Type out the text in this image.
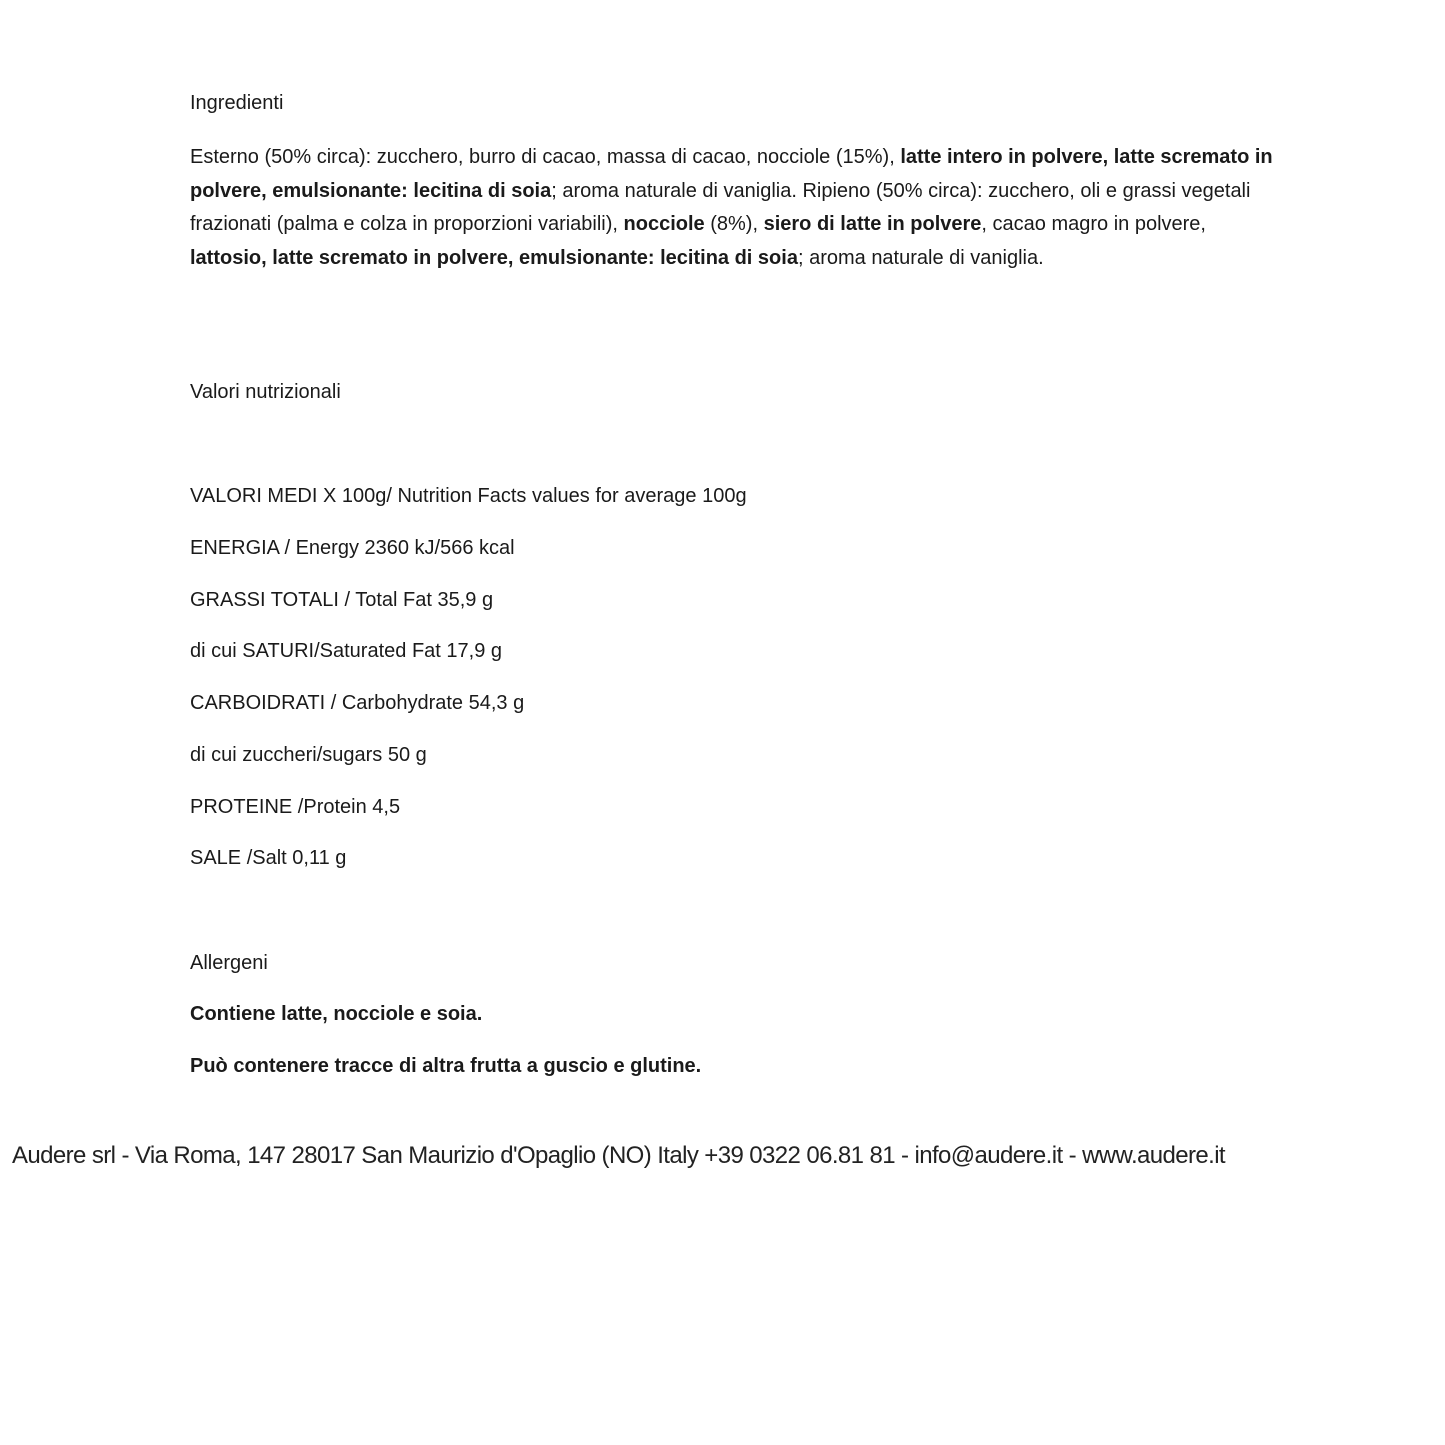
Ingredienti

Esterno (50% circa): zucchero, burro di cacao, massa di cacao, nocciole (15%), latte intero in polvere, latte scremato in polvere, emulsionante: lecitina di soia; aroma naturale di vaniglia. Ripieno (50% circa): zucchero, oli e grassi vegetali frazionati (palma e colza in proporzioni variabili), nocciole (8%), siero di latte in polvere, cacao magro in polvere, lattosio, latte scremato in polvere, emulsionante: lecitina di soia; aroma naturale di vaniglia.

Valori nutrizionali
VALORI MEDI X 100g/ Nutrition Facts values for average 100g
ENERGIA / Energy 2360 kJ/566 kcal
GRASSI TOTALI / Total Fat 35,9 g
di cui SATURI/Saturated Fat 17,9 g
CARBOIDRATI / Carbohydrate 54,3 g
di cui zuccheri/sugars 50 g
PROTEINE /Protein 4,5
SALE /Salt 0,11 g
Allergeni
Contiene latte, nocciole e soia.
Può contenere tracce di altra frutta a guscio e glutine.
Audere srl - Via Roma, 147 28017 San Maurizio d'Opaglio (NO) Italy +39 0322 06.81 81 - info@audere.it - www.audere.it
